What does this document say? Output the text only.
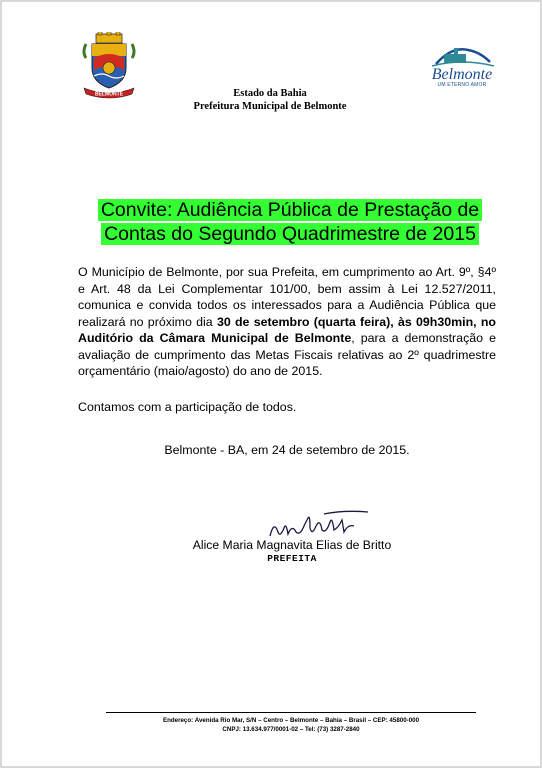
BELMONTE
Belmonte
UM ETERNO AMOR
Estado da Bahia
Prefeitura Municipal de Belmonte
Convite: Audiência Pública de Prestação de
Contas do Segundo Quadrimestre de 2015
O Município de Belmonte, por sua Prefeita, em cumprimento ao Art. 9º, §4º e Art. 48 da Lei Complementar 101/00, bem assim à Lei 12.527/2011, comunica e convida todos os interessados para a Audiência Pública que realizará no próximo dia 30 de setembro (quarta feira), às 09h30min, no Auditório da Câmara Municipal de Belmonte, para a demonstração e avaliação de cumprimento das Metas Fiscais relativas ao 2º quadrimestre orçamentário (maio/agosto) do ano de 2015.
Contamos com a participação de todos.
Belmonte - BA, em 24 de setembro de 2015.
Alice Maria Magnavita Elias de Britto
PREFEITA
Endereço: Avenida Rio Mar, S/N – Centro – Belmonte – Bahia – Brasil – CEP: 45800-000
CNPJ: 13.634.977/0001-02 – Tel: (73) 3287-2840
